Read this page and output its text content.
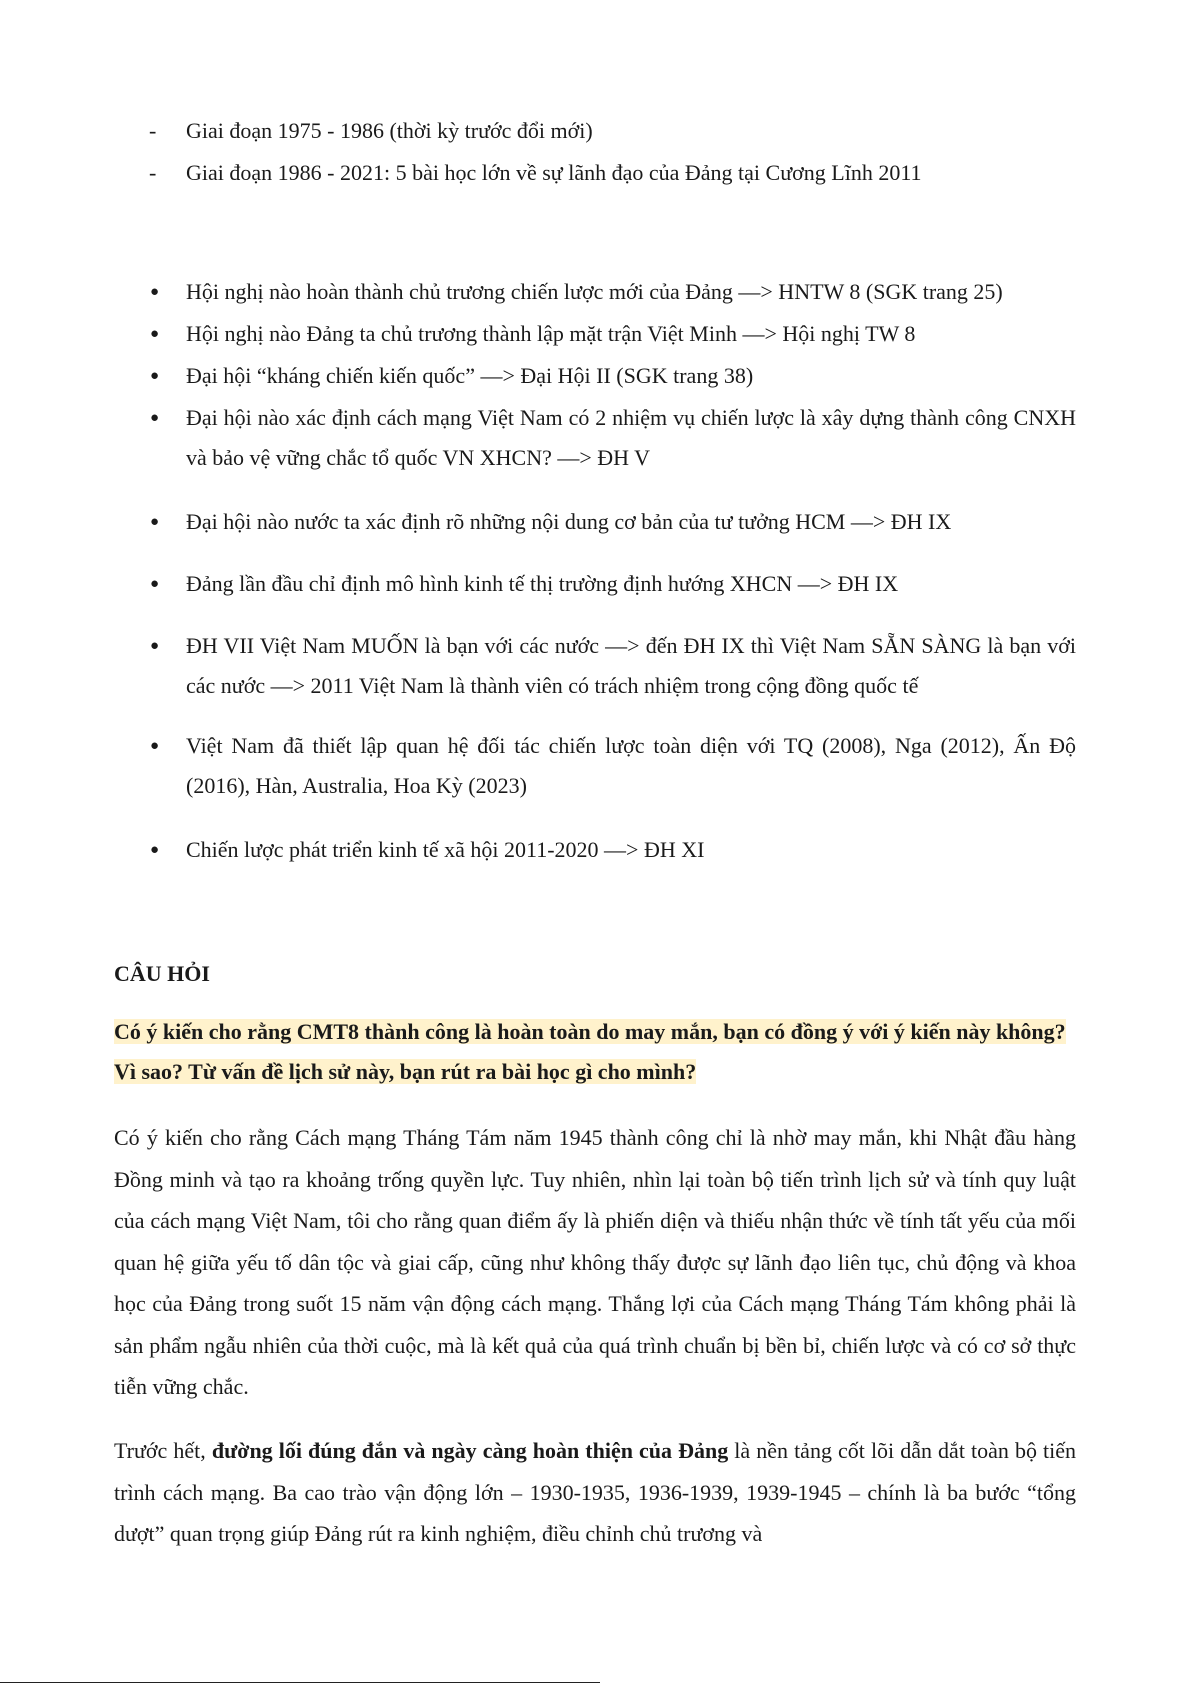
- Giai đoạn 1975 - 1986 (thời kỳ trước đổi mới)
- Giai đoạn 1986 - 2021: 5 bài học lớn về sự lãnh đạo của Đảng tại Cương Lĩnh 2011
● Hội nghị nào hoàn thành chủ trương chiến lược mới của Đảng —> HNTW 8 (SGK trang 25)
● Hội nghị nào Đảng ta chủ trương thành lập mặt trận Việt Minh —> Hội nghị TW 8
● Đại hội “kháng chiến kiến quốc” —> Đại Hội II (SGK trang 38)
● Đại hội nào xác định cách mạng Việt Nam có 2 nhiệm vụ chiến lược là xây dựng thành công CNXH và bảo vệ vững chắc tổ quốc VN XHCN? —> ĐH V
● Đại hội nào nước ta xác định rõ những nội dung cơ bản của tư tưởng HCM —> ĐH IX
● Đảng lần đầu chỉ định mô hình kinh tế thị trường định hướng XHCN —> ĐH IX
● ĐH VII Việt Nam MUỐN là bạn với các nước —> đến ĐH IX thì Việt Nam SẴN SÀNG là bạn với các nước —> 2011 Việt Nam là thành viên có trách nhiệm trong cộng đồng quốc tế
● Việt Nam đã thiết lập quan hệ đối tác chiến lược toàn diện với TQ (2008), Nga (2012), Ấn Độ (2016), Hàn, Australia, Hoa Kỳ (2023)
● Chiến lược phát triển kinh tế xã hội 2011-2020 —> ĐH XI
CÂU HỎI
Có ý kiến cho rằng CMT8 thành công là hoàn toàn do may mắn, bạn có đồng ý với ý kiến này không? Vì sao? Từ vấn đề lịch sử này, bạn rút ra bài học gì cho mình?
Có ý kiến cho rằng Cách mạng Tháng Tám năm 1945 thành công chỉ là nhờ may mắn, khi Nhật đầu hàng Đồng minh và tạo ra khoảng trống quyền lực. Tuy nhiên, nhìn lại toàn bộ tiến trình lịch sử và tính quy luật của cách mạng Việt Nam, tôi cho rằng quan điểm ấy là phiến diện và thiếu nhận thức về tính tất yếu của mối quan hệ giữa yếu tố dân tộc và giai cấp, cũng như không thấy được sự lãnh đạo liên tục, chủ động và khoa học của Đảng trong suốt 15 năm vận động cách mạng. Thắng lợi của Cách mạng Tháng Tám không phải là sản phẩm ngẫu nhiên của thời cuộc, mà là kết quả của quá trình chuẩn bị bền bỉ, chiến lược và có cơ sở thực tiễn vững chắc.
Trước hết, đường lối đúng đắn và ngày càng hoàn thiện của Đảng là nền tảng cốt lõi dẫn dắt toàn bộ tiến trình cách mạng. Ba cao trào vận động lớn – 1930-1935, 1936-1939, 1939-1945 – chính là ba bước “tổng dượt” quan trọng giúp Đảng rút ra kinh nghiệm, điều chỉnh chủ trương và
